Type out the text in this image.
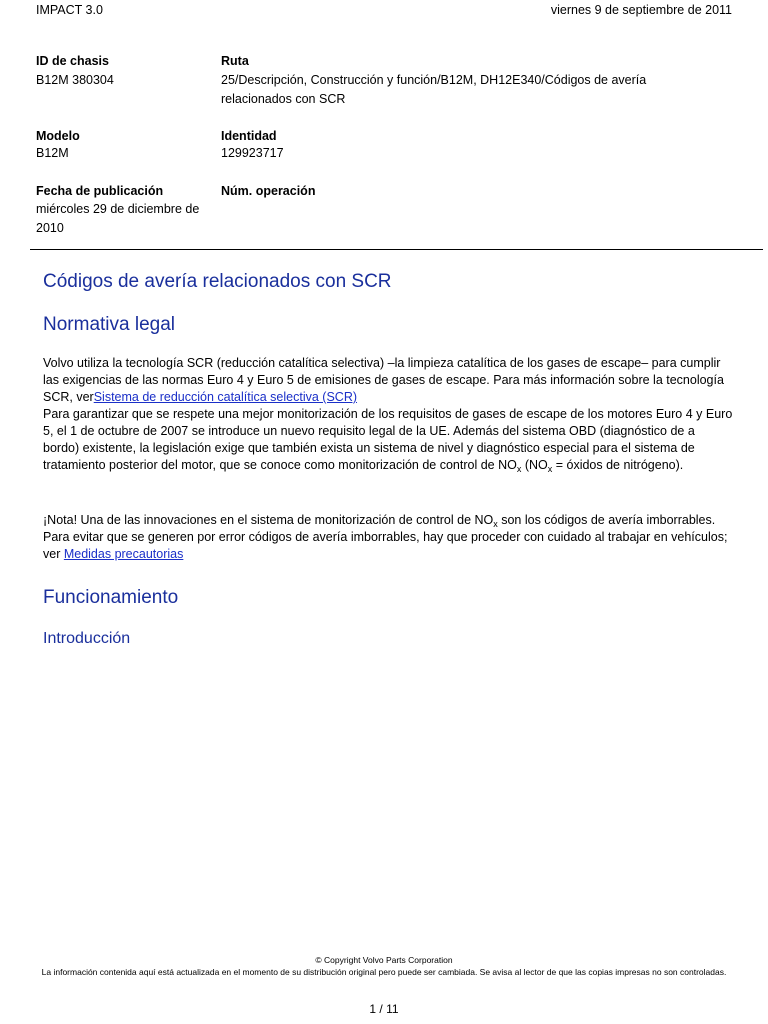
IMPACT 3.0	viernes 9 de septiembre de 2011
ID de chasis
B12M 380304
Ruta
25/Descripción, Construcción y función/B12M, DH12E340/Códigos de avería relacionados con SCR
Modelo
B12M
Identidad
129923717
Fecha de publicación
miércoles 29 de diciembre de 2010
Núm. operación
Códigos de avería relacionados con SCR
Normativa legal
Volvo utiliza la tecnología SCR (reducción catalítica selectiva) –la limpieza catalítica de los gases de escape– para cumplir las exigencias de las normas Euro 4 y Euro 5 de emisiones de gases de escape. Para más información sobre la tecnología SCR, verSistema de reducción catalítica selectiva (SCR)
Para garantizar que se respete una mejor monitorización de los requisitos de gases de escape de los motores Euro 4 y Euro 5, el 1 de octubre de 2007 se introduce un nuevo requisito legal de la UE. Además del sistema OBD (diagnóstico de a bordo) existente, la legislación exige que también exista un sistema de nivel y diagnóstico especial para el sistema de tratamiento posterior del motor, que se conoce como monitorización de control de $NO_x$ ($NO_x$ = óxidos de nitrógeno).
¡Nota! Una de las innovaciones en el sistema de monitorización de control de $NO_x$ son los códigos de avería imborrables. Para evitar que se generen por error códigos de avería imborrables, hay que proceder con cuidado al trabajar en vehículos; ver Medidas precautorias
Funcionamiento
Introducción
© Copyright Volvo Parts Corporation
La información contenida aquí está actualizada en el momento de su distribución original pero puede ser cambiada. Se avisa al lector de que las copias impresas no son controladas.
1 / 11
